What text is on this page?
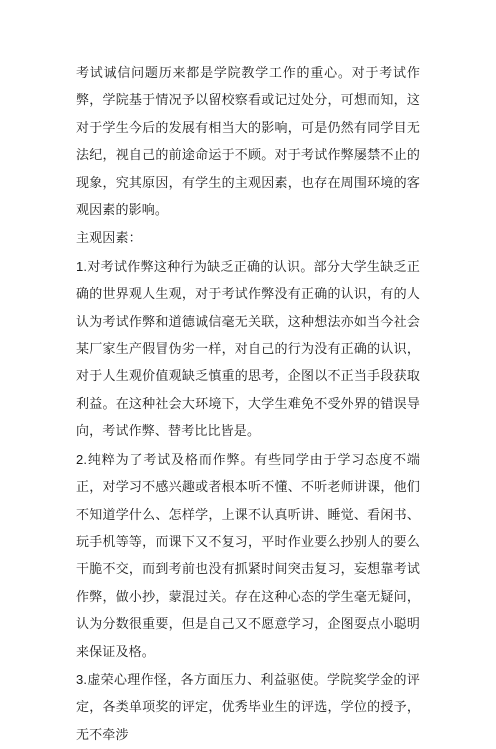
考试诚信问题历来都是学院教学工作的重心。对于考试作弊，学院基于情况予以留校察看或记过处分，可想而知，这对于学生今后的发展有相当大的影响，可是仍然有同学目无法纪，视自己的前途命运于不顾。对于考试作弊屡禁不止的现象，究其原因，有学生的主观因素，也存在周围环境的客观因素的影响。

主观因素：

1.对考试作弊这种行为缺乏正确的认识。部分大学生缺乏正确的世界观人生观，对于考试作弊没有正确的认识，有的人认为考试作弊和道德诚信毫无关联，这种想法亦如当今社会某厂家生产假冒伪劣一样，对自己的行为没有正确的认识，对于人生观价值观缺乏慎重的思考，企图以不正当手段获取利益。在这种社会大环境下，大学生难免不受外界的错误导向，考试作弊、替考比比皆是。

2.纯粹为了考试及格而作弊。有些同学由于学习态度不端正，对学习不感兴趣或者根本听不懂、不听老师讲课，他们不知道学什么、怎样学，上课不认真听讲、睡觉、看闲书、玩手机等等，而课下又不复习，平时作业要么抄别人的要么干脆不交，而到考前也没有抓紧时间突击复习，妄想靠考试作弊，做小抄，蒙混过关。存在这种心态的学生毫无疑问，认为分数很重要，但是自己又不愿意学习，企图耍点小聪明来保证及格。

3.虚荣心理作怪，各方面压力、利益驱使。学院奖学金的评定，各类单项奖的评定，优秀毕业生的评选，学位的授予，无不牵涉
